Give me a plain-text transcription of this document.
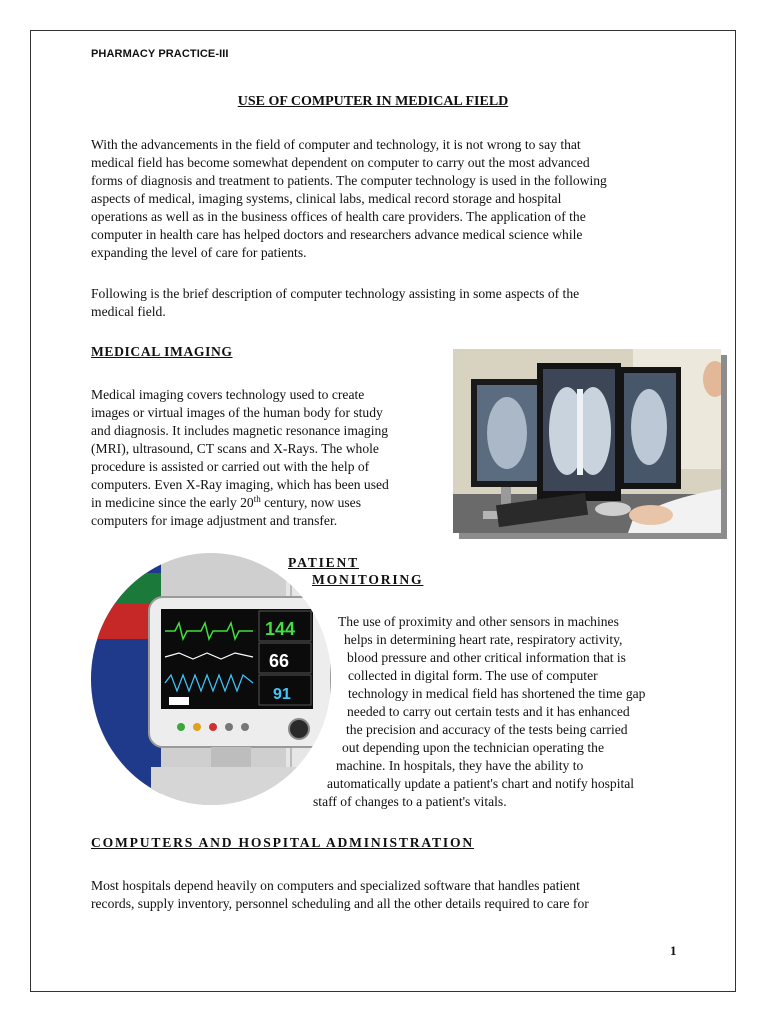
PHARMACY PRACTICE-III
USE OF COMPUTER IN MEDICAL FIELD
With the advancements in the field of computer and technology, it is not wrong to say that
medical field has become somewhat dependent on computer to carry out the most advanced
forms of diagnosis and treatment to patients. The computer technology is used in the following
aspects of medical, imaging systems, clinical labs, medical record storage and hospital
operations as well as in the business offices of health care providers. The application of the
computer in health care has helped doctors and researchers advance medical science while
expanding the level of care for patients.
Following is the brief description of computer technology assisting in some aspects of the
medical field.
MEDICAL IMAGING
Medical imaging covers technology used to create
images or virtual images of the human body for study
and diagnosis. It includes magnetic resonance imaging
(MRI), ultrasound, CT scans and X-Rays. The whole
procedure is assisted or carried out with the help of
computers. Even X-Ray imaging, which has been used
in medicine since the early 20th century, now uses
computers for image adjustment and transfer.
144
66
91
PATIENT
MONITORING
The use of proximity and other sensors in machines
helps in determining heart rate, respiratory activity,
blood pressure and other critical information that is
collected in digital form. The use of computer
technology in medical field has shortened the time gap
needed to carry out certain tests and it has enhanced
the precision and accuracy of the tests being carried
out depending upon the technician operating the
machine. In hospitals, they have the ability to
automatically update a patient's chart and notify hospital
staff of changes to a patient's vitals.
COMPUTERS AND HOSPITAL ADMINISTRATION
Most hospitals depend heavily on computers and specialized software that handles patient
records, supply inventory, personnel scheduling and all the other details required to care for
1
